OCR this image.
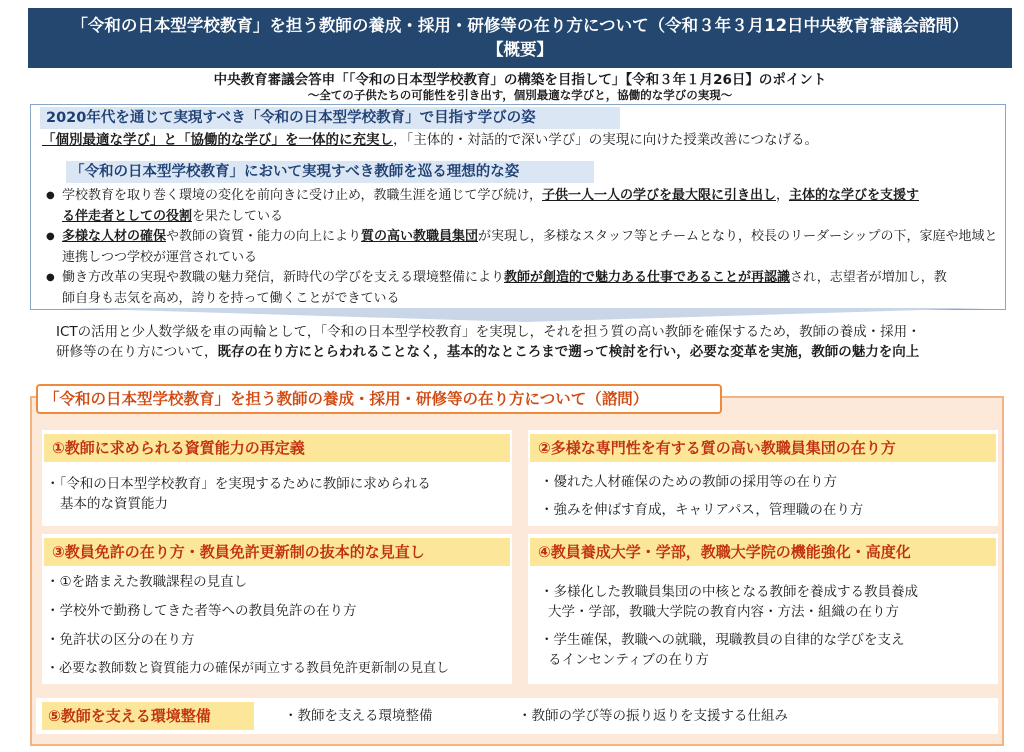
「令和の日本型学校教育」を担う教師の養成・採用・研修等の在り方について（令和３年３月12日中央教育審議会諮問）
【概要】
中央教育審議会答申「「令和の日本型学校教育」の構築を目指して」【令和３年１月26日】のポイント
～全ての子供たちの可能性を引き出す，個別最適な学びと，協働的な学びの実現～
2020年代を通じて実現すべき「令和の日本型学校教育」で目指す学びの姿
「個別最適な学び」と「協働的な学び」を一体的に充実し，「主体的・対話的で深い学び」の実現に向けた授業改善につなげる。
「令和の日本型学校教育」において実現すべき教師を巡る理想的な姿
● 学校教育を取り巻く環境の変化を前向きに受け止め，教職生涯を通じて学び続け，子供一人一人の学びを最大限に引き出し，主体的な学びを支援す
る伴走者としての役割を果たしている
● 多様な人材の確保や教師の資質・能力の向上により質の高い教職員集団が実現し，多様なスタッフ等とチームとなり，校長のリーダーシップの下，家庭や地域と
連携しつつ学校が運営されている
● 働き方改革の実現や教職の魅力発信，新時代の学びを支える環境整備により教師が創造的で魅力ある仕事であることが再認識され，志望者が増加し，教
師自身も志気を高め，誇りを持って働くことができている
ICTの活用と少人数学級を車の両輪として，「令和の日本型学校教育」を実現し，それを担う質の高い教師を確保するため，教師の養成・採用・
研修等の在り方について，既存の在り方にとらわれることなく，基本的なところまで遡って検討を行い，必要な変革を実施，教師の魅力を向上
「令和の日本型学校教育」を担う教師の養成・採用・研修等の在り方について（諮問）
①教師に求められる資質能力の再定義
・「令和の日本型学校教育」を実現するために教師に求められる
基本的な資質能力
②多様な専門性を有する質の高い教職員集団の在り方
・優れた人材確保のための教師の採用等の在り方
・強みを伸ばす育成，キャリアパス，管理職の在り方
③教員免許の在り方・教員免許更新制の抜本的な見直し
・①を踏まえた教職課程の見直し
・学校外で勤務してきた者等への教員免許の在り方
・免許状の区分の在り方
・必要な教師数と資質能力の確保が両立する教員免許更新制の見直し
④教員養成大学・学部，教職大学院の機能強化・高度化
・多様化した教職員集団の中核となる教師を養成する教員養成
大学・学部，教職大学院の教育内容・方法・組織の在り方
・学生確保，教職への就職，現職教員の自律的な学びを支え
るインセンティブの在り方
⑤教師を支える環境整備	・教師を支える環境整備	・教師の学び等の振り返りを支援する仕組み
